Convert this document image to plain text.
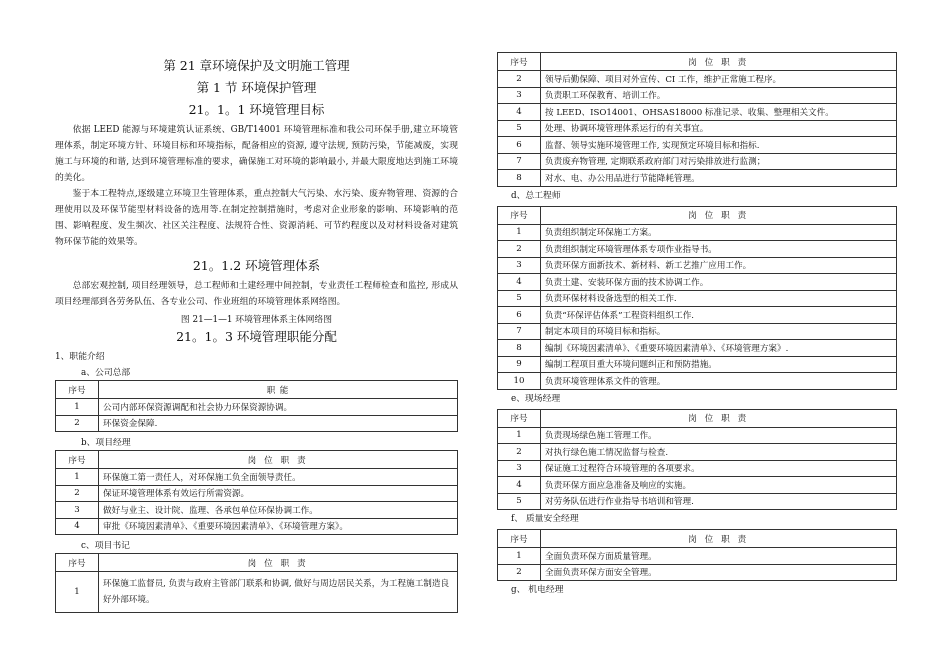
第 21 章环境保护及文明施工管理
第 1 节 环境保护管理
21。1。1 环境管理目标

依据 LEED 能源与环境建筑认证系统、GB/T14001 环境管理标准和我公司环保手册,建立环境管理体系，制定环境方针、环境目标和环境指标，配备相应的资源, 遵守法规, 预防污染，节能减废，实现施工与环境的和谐, 达到环境管理标准的要求，确保施工对环境的影响最小, 并最大限度地达到施工环境的美化。

鉴于本工程特点,逐级建立环境卫生管理体系，重点控制大气污染、水污染、废弃物管理、资源的合理使用以及环保节能型材料设备的选用等.在制定控制措施时，考虑对企业形象的影响、环境影响的范围、影响程度、发生频次、社区关注程度、法规符合性、资源消耗、可节约程度以及对材料设备对建筑物环保节能的效果等。

21。1.2 环境管理体系

总部宏观控制, 项目经理领导，总工程师和土建经理中间控制，专业责任工程师检查和监控, 形成从项目经理部到各劳务队伍、各专业公司、作业班组的环境管理体系网络图。

图 21—1—1 环境管理体系主体网络图
21。1。3 环境管理职能分配
1、职能介绍
a、公司总部
序号	职 能
1	公司内部环保资源调配和社会协力环保资源协调。
2	环保资金保障.
b、项目经理
序号	岗 位 职 责
1	环保施工第一责任人，对环保施工负全面领导责任。
2	保证环境管理体系有效运行所需资源。
3	做好与业主、设计院、监理、各承包单位环保协调工作。
4	审批《环境因素清单》、《重要环境因素清单》、《环境管理方案》。
c、项目书记
序号	岗 位 职 责
1	环保施工监督员, 负责与政府主管部门联系和协调, 做好与周边居民关系，为工程施工制造良好外部环境。
序号	岗 位 职 责
2	领导后勤保障、项目对外宣传、CI 工作，维护正常施工程序。
3	负责职工环保教育、培训工作。
4	按 LEED、ISO14001、OHSAS18000 标准记录、收集、整理相关文件。
5	处理、协调环境管理体系运行的有关事宜。
6	监督、领导实施环境管理工作, 实现预定环境目标和指标.
7	负责废弃物管理, 定期联系政府部门对污染排放进行监测；
8	对水、电、办公用品进行节能降耗管理。
d、总工程师
序号	岗 位 职 责
1	负责组织制定环保施工方案。
2	负责组织制定环境管理体系专项作业指导书。
3	负责环保方面新技术、新材料、新工艺推广应用工作。
4	负责土建、安装环保方面的技术协调工作。
5	负责环保材料设备选型的相关工作.
6	负责“环保评估体系”工程资料组织工作.
7	制定本项目的环境目标和指标。
8	编制《环境因素清单》、《重要环境因素清单》、《环境管理方案》.
9	编制工程项目重大环境问题纠正和预防措施。
10	负责环境管理体系文件的管理。
e、现场经理
序号	岗 位 职 责
1	负责现场绿色施工管理工作。
2	对执行绿色施工情况监督与检查.
3	保证施工过程符合环境管理的各项要求。
4	负责环保方面应急准备及响应的实施。
5	对劳务队伍进行作业指导书培训和管理.
f、 质量安全经理
序号	岗 位 职 责
1	全面负责环保方面质量管理。
2	全面负责环保方面安全管理。
g、 机电经理
